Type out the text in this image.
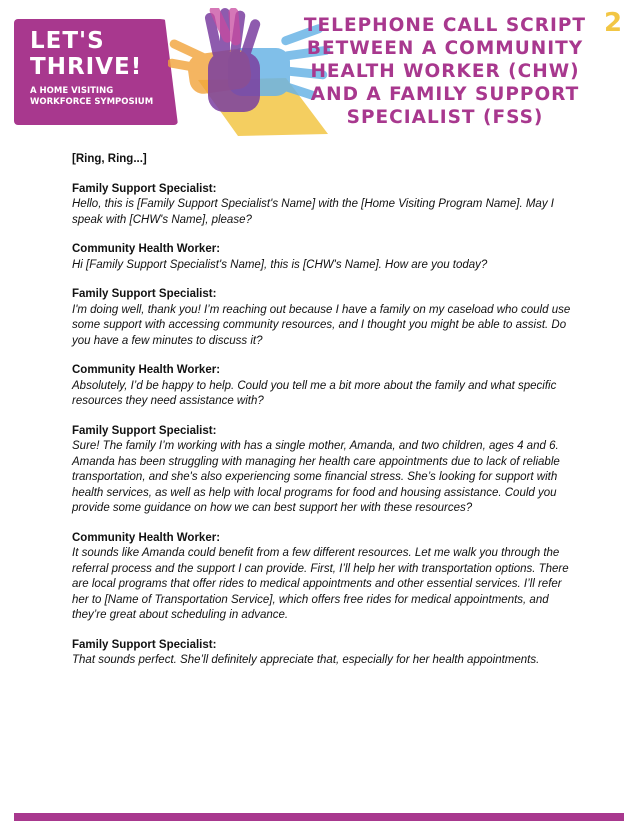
LET'S
THRIVE!

A HOME VISITING
WORKFORCE SYMPOSIUM

TELEPHONE CALL SCRIPT
BETWEEN A COMMUNITY
HEALTH WORKER (CHW)
AND A FAMILY SUPPORT
SPECIALIST (FSS)

2

[Ring, Ring...]

Family Support Specialist:

Hello, this is [Family Support Specialist's Name] with the [Home Visiting Program Name]. May I speak with [CHW's Name], please?

Community Health Worker:

Hi [Family Support Specialist's Name], this is [CHW's Name]. How are you today?

Family Support Specialist:

I'm doing well, thank you! I’m reaching out because I have a family on my caseload who could use some support with accessing community resources, and I thought you might be able to assist. Do you have a few minutes to discuss it?

Community Health Worker:

Absolutely, I’d be happy to help. Could you tell me a bit more about the family and what specific resources they need assistance with?

Family Support Specialist:

Sure! The family I’m working with has a single mother, Amanda, and two children, ages 4 and 6. Amanda has been struggling with managing her health care appointments due to lack of reliable transportation, and she's also experiencing some financial stress. She’s looking for support with health services, as well as help with local programs for food and housing assistance. Could you provide some guidance on how we can best support her with these resources?

Community Health Worker:

It sounds like Amanda could benefit from a few different resources. Let me walk you through the referral process and the support I can provide. First, I’ll help her with transportation options. There are local programs that offer rides to medical appointments and other essential services. I’ll refer her to [Name of Transportation Service], which offers free rides for medical appointments, and they’re great about scheduling in advance.

Family Support Specialist:

That sounds perfect. She’ll definitely appreciate that, especially for her health appointments.
